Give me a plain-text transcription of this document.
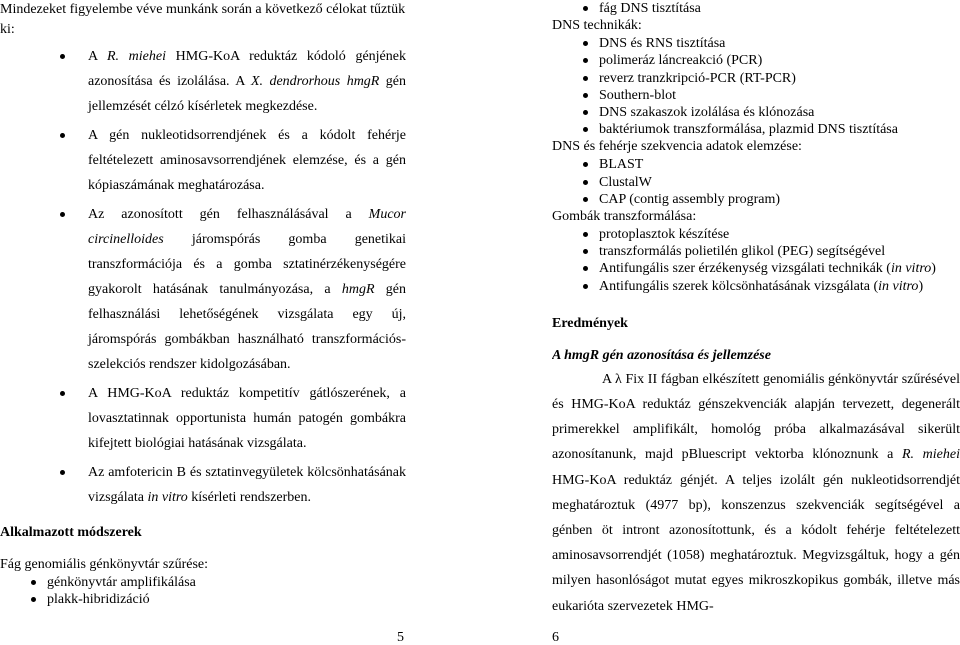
Mindezeket figyelembe véve munkánk során a következő célokat tűztük ki:

A R. miehei HMG-KoA reduktáz kódoló génjének azonosítása és izolálása. A X. dendrorhous hmgR gén jellemzését célzó kísérletek megkezdése.
A gén nukleotidsorrendjének és a kódolt fehérje feltételezett aminosavsorrendjének elemzése, és a gén kópiaszámának meghatározása.
Az azonosított gén felhasználásával a Mucor circinelloides járomspórás gomba genetikai transzformációja és a gomba sztatinérzékenységére gyakorolt hatásának tanulmányozása, a hmgR gén felhasználási lehetőségének vizsgálata egy új, járomspórás gombákban használható transzformációs-szelekciós rendszer kidolgozásában.
A HMG-KoA reduktáz kompetitív gátlószerének, a lovasztatinnak opportunista humán patogén gombákra kifejtett biológiai hatásának vizsgálata.
Az amfotericin B és sztatinvegyületek kölcsönhatásának vizsgálata in vitro kísérleti rendszerben.

Alkalmazott módszerek

Fág genomiális génkönyvtár szűrése:

génkönyvtár amplifikálása
plakk-hibridizáció
5
fág DNS tisztítása

DNS technikák:

DNS és RNS tisztítása
polimeráz láncreakció (PCR)
reverz tranzkripció-PCR (RT-PCR)
Southern-blot
DNS szakaszok izolálása és klónozása
baktériumok transzformálása, plazmid DNS tisztítása

DNS és fehérje szekvencia adatok elemzése:

BLAST
ClustalW
CAP (contig assembly program)

Gombák transzformálása:

protoplasztok készítése
transzformálás polietilén glikol (PEG) segítségével
Antifungális szer érzékenység vizsgálati technikák (in vitro)
Antifungális szerek kölcsönhatásának vizsgálata (in vitro)

Eredmények

A hmgR gén azonosítása és jellemzése

A λ Fix II fágban elkészített genomiális génkönyvtár szűrésével és HMG-KoA reduktáz génszekvenciák alapján tervezett, degenerált primerekkel amplifikált, homológ próba alkalmazásával sikerült azonosítanunk, majd pBluescript vektorba klónoznunk a R. miehei HMG-KoA reduktáz génjét. A teljes izolált gén nukleotidsorrendjét meghatároztuk (4977 bp), konszenzus szekvenciák segítségével a génben öt intront azonosítottunk, és a kódolt fehérje feltételezett aminosavsorrendjét (1058) meghatároztuk. Megvizsgáltuk, hogy a gén milyen hasonlóságot mutat egyes mikroszkopikus gombák, illetve más eukarióta szervezetek HMG-

6
